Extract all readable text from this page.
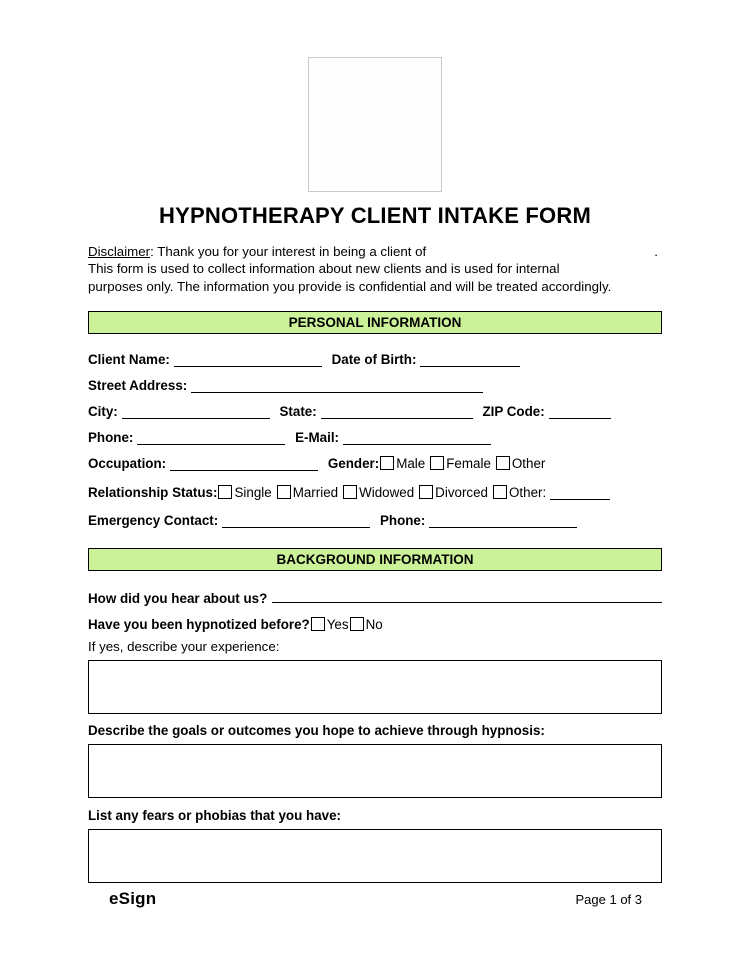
HYPNOTHERAPY CLIENT INTAKE FORM
Disclaimer: Thank you for your interest in being a client of	.
This form is used to collect information about new clients and is used for internal
purposes only. The information you provide is confidential and will be treated accordingly.
PERSONAL INFORMATION
Client Name:	Date of Birth:
Street Address:
City:	State:	ZIP Code:
Phone:	E-Mail:
Occupation:	Gender: Male Female Other
Relationship Status: Single Married Widowed Divorced Other:
Emergency Contact:	Phone:
BACKGROUND INFORMATION
How did you hear about us?
Have you been hypnotized before? Yes No
If yes, describe your experience:
Describe the goals or outcomes you hope to achieve through hypnosis:
List any fears or phobias that you have:
eSign	Page 1 of 3
